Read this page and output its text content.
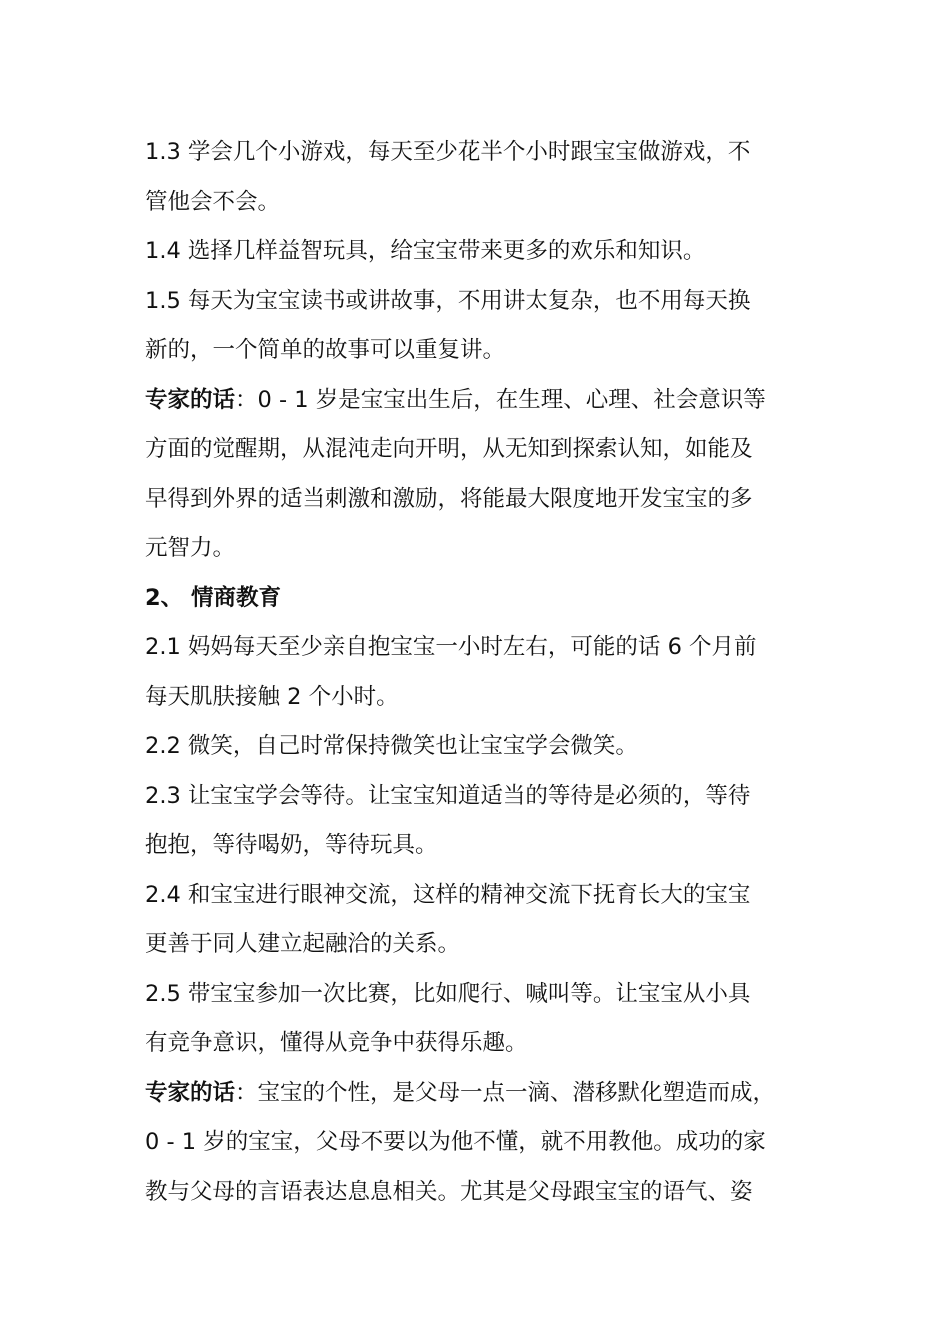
1.3 学会几个小游戏，每天至少花半个小时跟宝宝做游戏，不
管他会不会。

1.4 选择几样益智玩具，给宝宝带来更多的欢乐和知识。

1.5 每天为宝宝读书或讲故事，不用讲太复杂，也不用每天换
新的，一个简单的故事可以重复讲。

专家的话：0 - 1 岁是宝宝出生后，在生理、心理、社会意识等
方面的觉醒期，从混沌走向开明，从无知到探索认知，如能及
早得到外界的适当刺激和激励，将能最大限度地开发宝宝的多
元智力。

2、 情商教育

2.1 妈妈每天至少亲自抱宝宝一小时左右，可能的话 6 个月前
每天肌肤接触 2 个小时。

2.2 微笑，自己时常保持微笑也让宝宝学会微笑。

2.3 让宝宝学会等待。让宝宝知道适当的等待是必须的，等待
抱抱，等待喝奶，等待玩具。

2.4 和宝宝进行眼神交流，这样的精神交流下抚育长大的宝宝
更善于同人建立起融洽的关系。

2.5 带宝宝参加一次比赛，比如爬行、喊叫等。让宝宝从小具
有竞争意识，懂得从竞争中获得乐趣。

专家的话：宝宝的个性，是父母一点一滴、潜移默化塑造而成，
0 - 1 岁的宝宝，父母不要以为他不懂，就不用教他。成功的家
教与父母的言语表达息息相关。尤其是父母跟宝宝的语气、姿
